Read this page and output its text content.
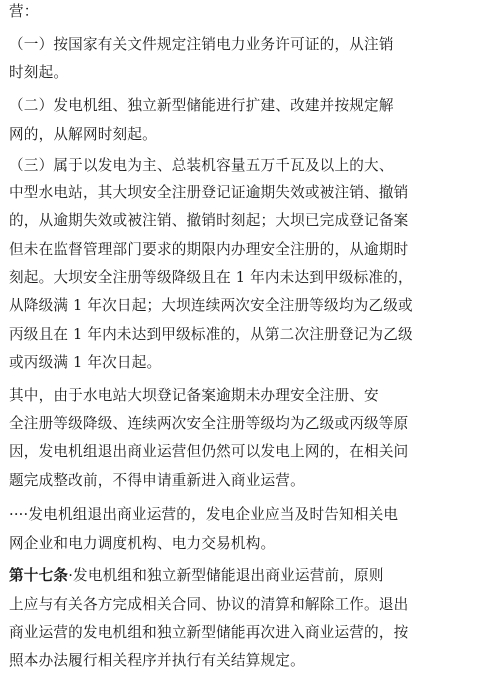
营：
（一）按国家有关文件规定注销电力业务许可证的，从注销
时刻起。
（二）发电机组、独立新型储能进行扩建、改建并按规定解
网的，从解网时刻起。
（三）属于以发电为主、总装机容量五万千瓦及以上的大、
中型水电站，其大坝安全注册登记证逾期失效或被注销、撤销
的，从逾期失效或被注销、撤销时刻起；大坝已完成登记备案
但未在监督管理部门要求的期限内办理安全注册的，从逾期时
刻起。大坝安全注册等级降级且在 1 年内未达到甲级标准的，
从降级满 1 年次日起；大坝连续两次安全注册等级均为乙级或
丙级且在 1 年内未达到甲级标准的，从第二次注册登记为乙级
或丙级满 1 年次日起。
其中，由于水电站大坝登记备案逾期未办理安全注册、安
全注册等级降级、连续两次安全注册等级均为乙级或丙级等原
因，发电机组退出商业运营但仍然可以发电上网的，在相关问
题完成整改前，不得申请重新进入商业运营。
····发电机组退出商业运营的，发电企业应当及时告知相关电
网企业和电力调度机构、电力交易机构。
第十七条·发电机组和独立新型储能退出商业运营前，原则
上应与有关各方完成相关合同、协议的清算和解除工作。退出
商业运营的发电机组和独立新型储能再次进入商业运营的，按
照本办法履行相关程序并执行有关结算规定。
